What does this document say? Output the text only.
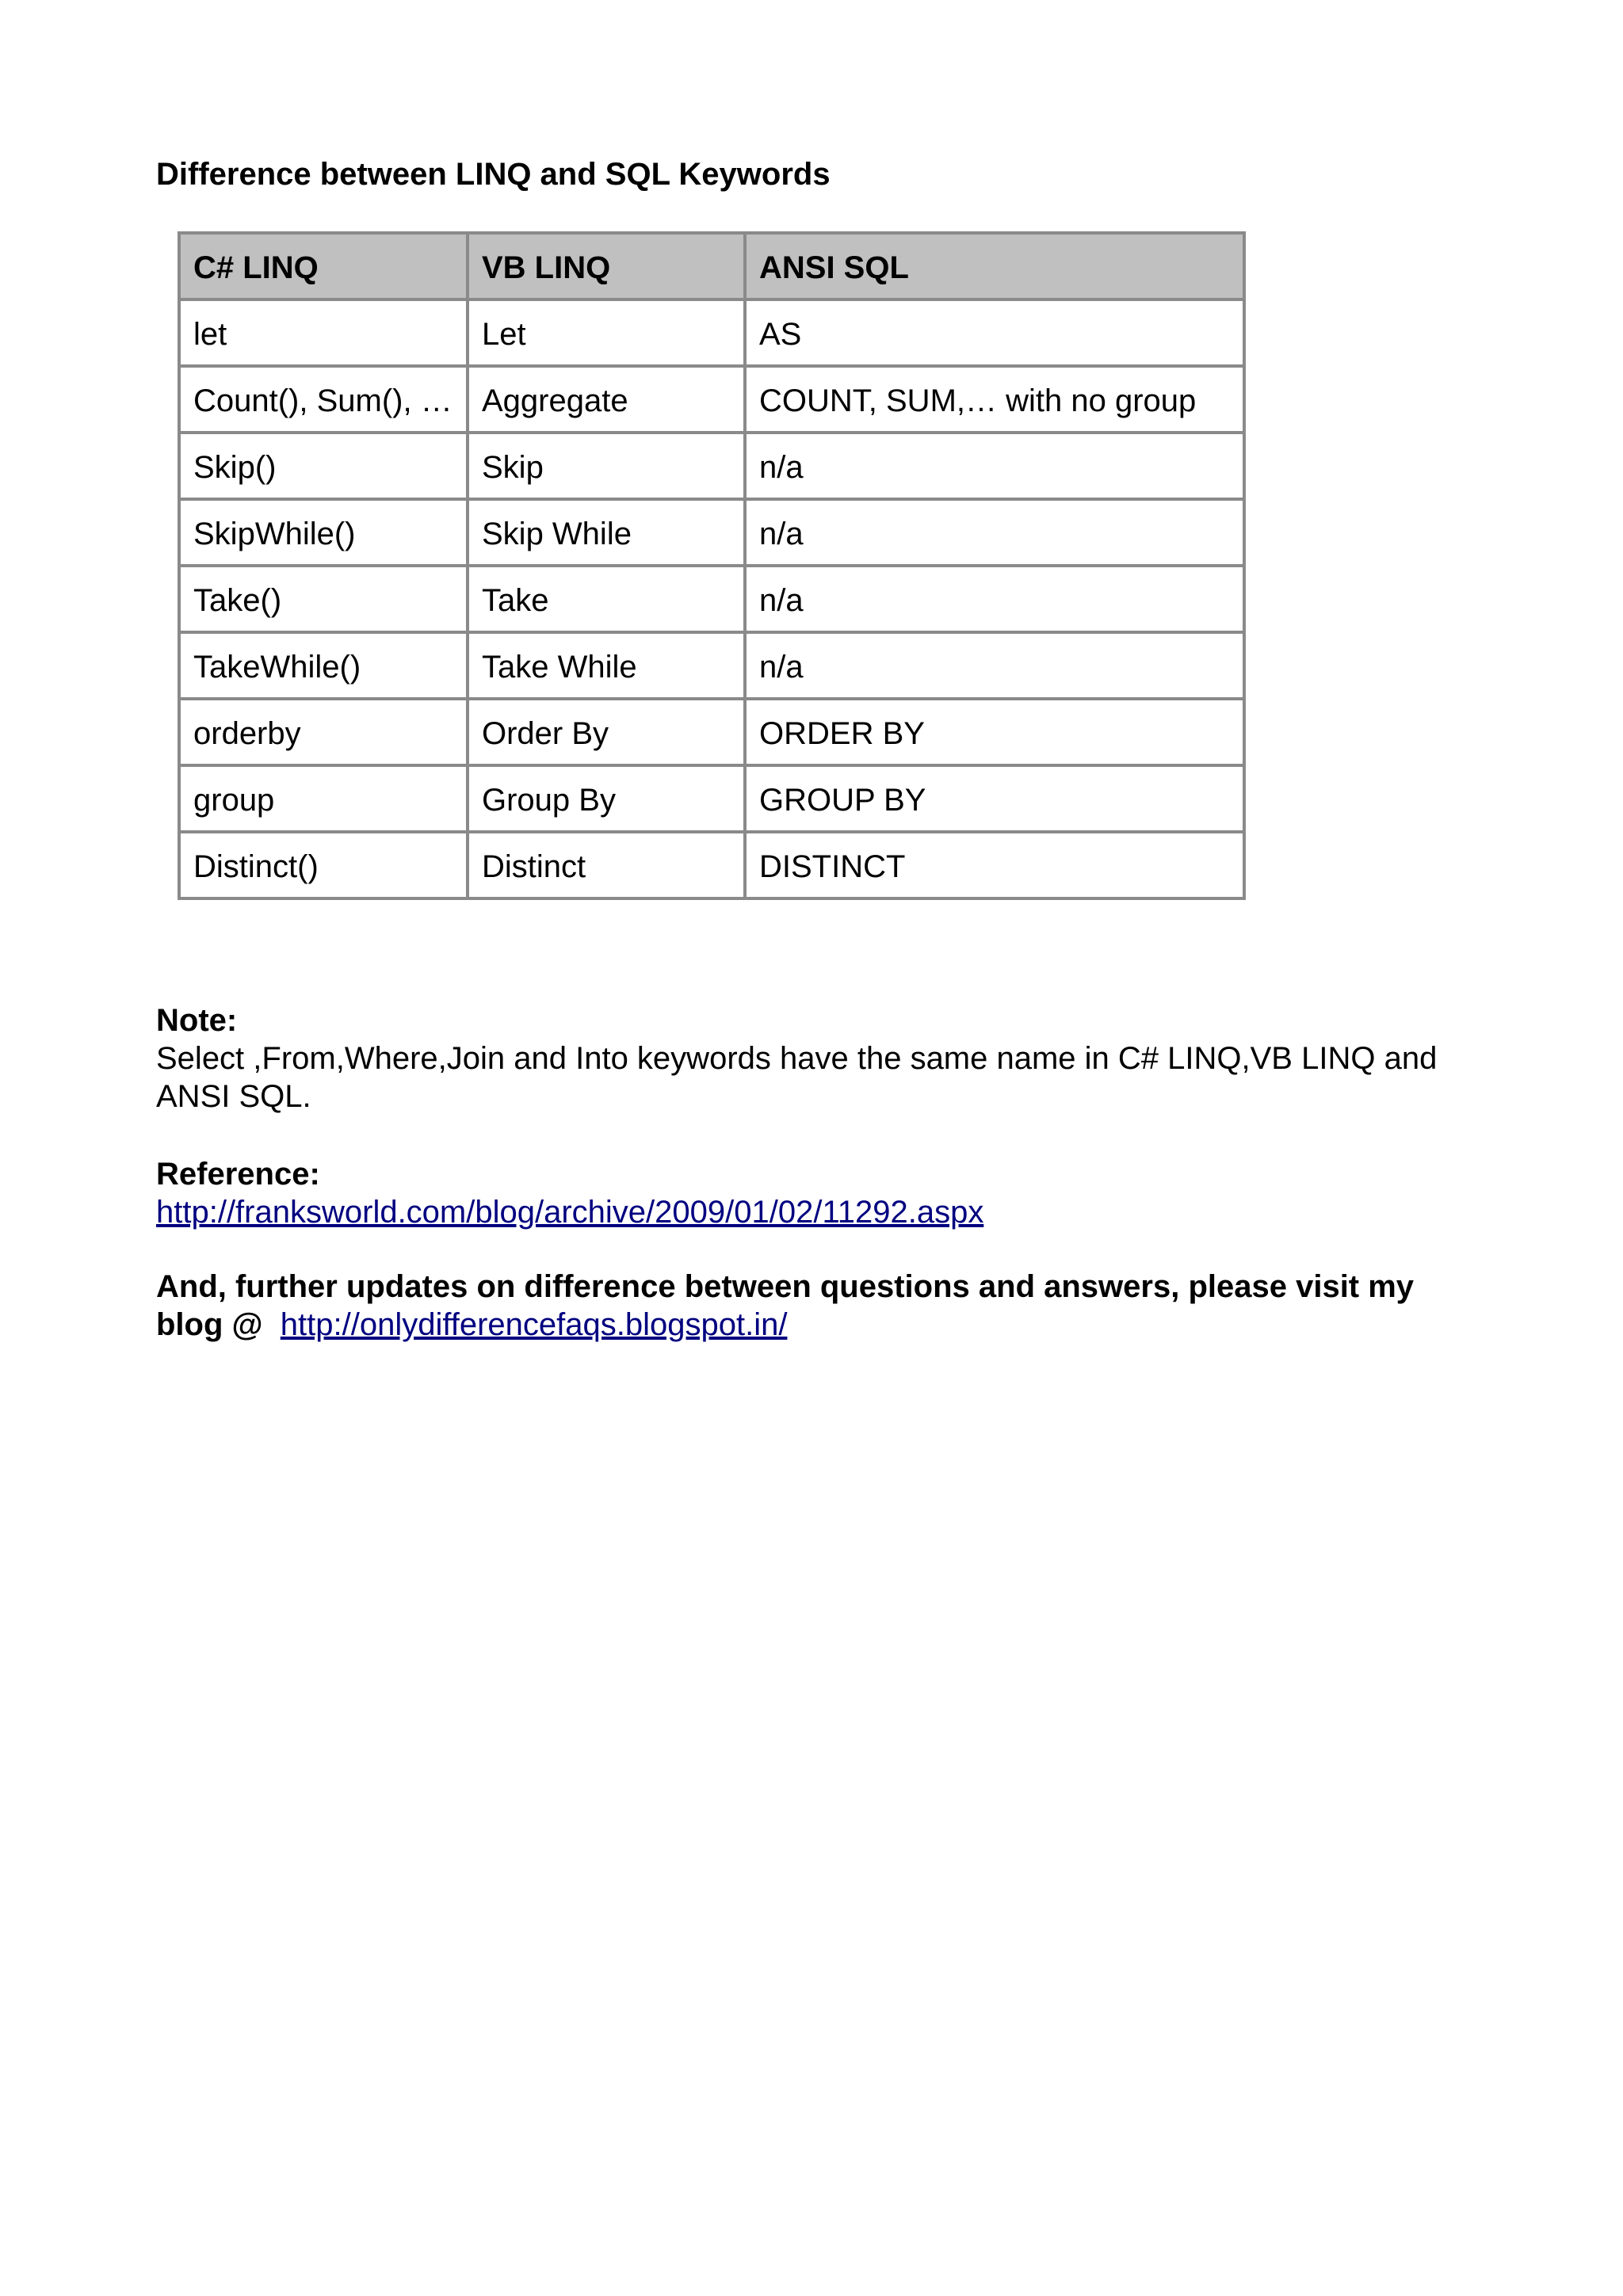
Difference between LINQ and SQL Keywords
C# LINQ	VB LINQ	ANSI SQL
let	Let	AS
Count(), Sum(), …	Aggregate	COUNT, SUM,… with no group
Skip()	Skip	n/a
SkipWhile()	Skip While	n/a
Take()	Take	n/a
TakeWhile()	Take While	n/a
orderby	Order By	ORDER BY
group	Group By	GROUP BY
Distinct()	Distinct	DISTINCT
Note:
Select ,From,Where,Join and Into keywords have the same name in C# LINQ,VB LINQ and ANSI SQL.
Reference:
http://franksworld.com/blog/archive/2009/01/02/11292.aspx
And, further updates on difference between questions and answers, please visit my blog @ http://onlydifferencefaqs.blogspot.in/
